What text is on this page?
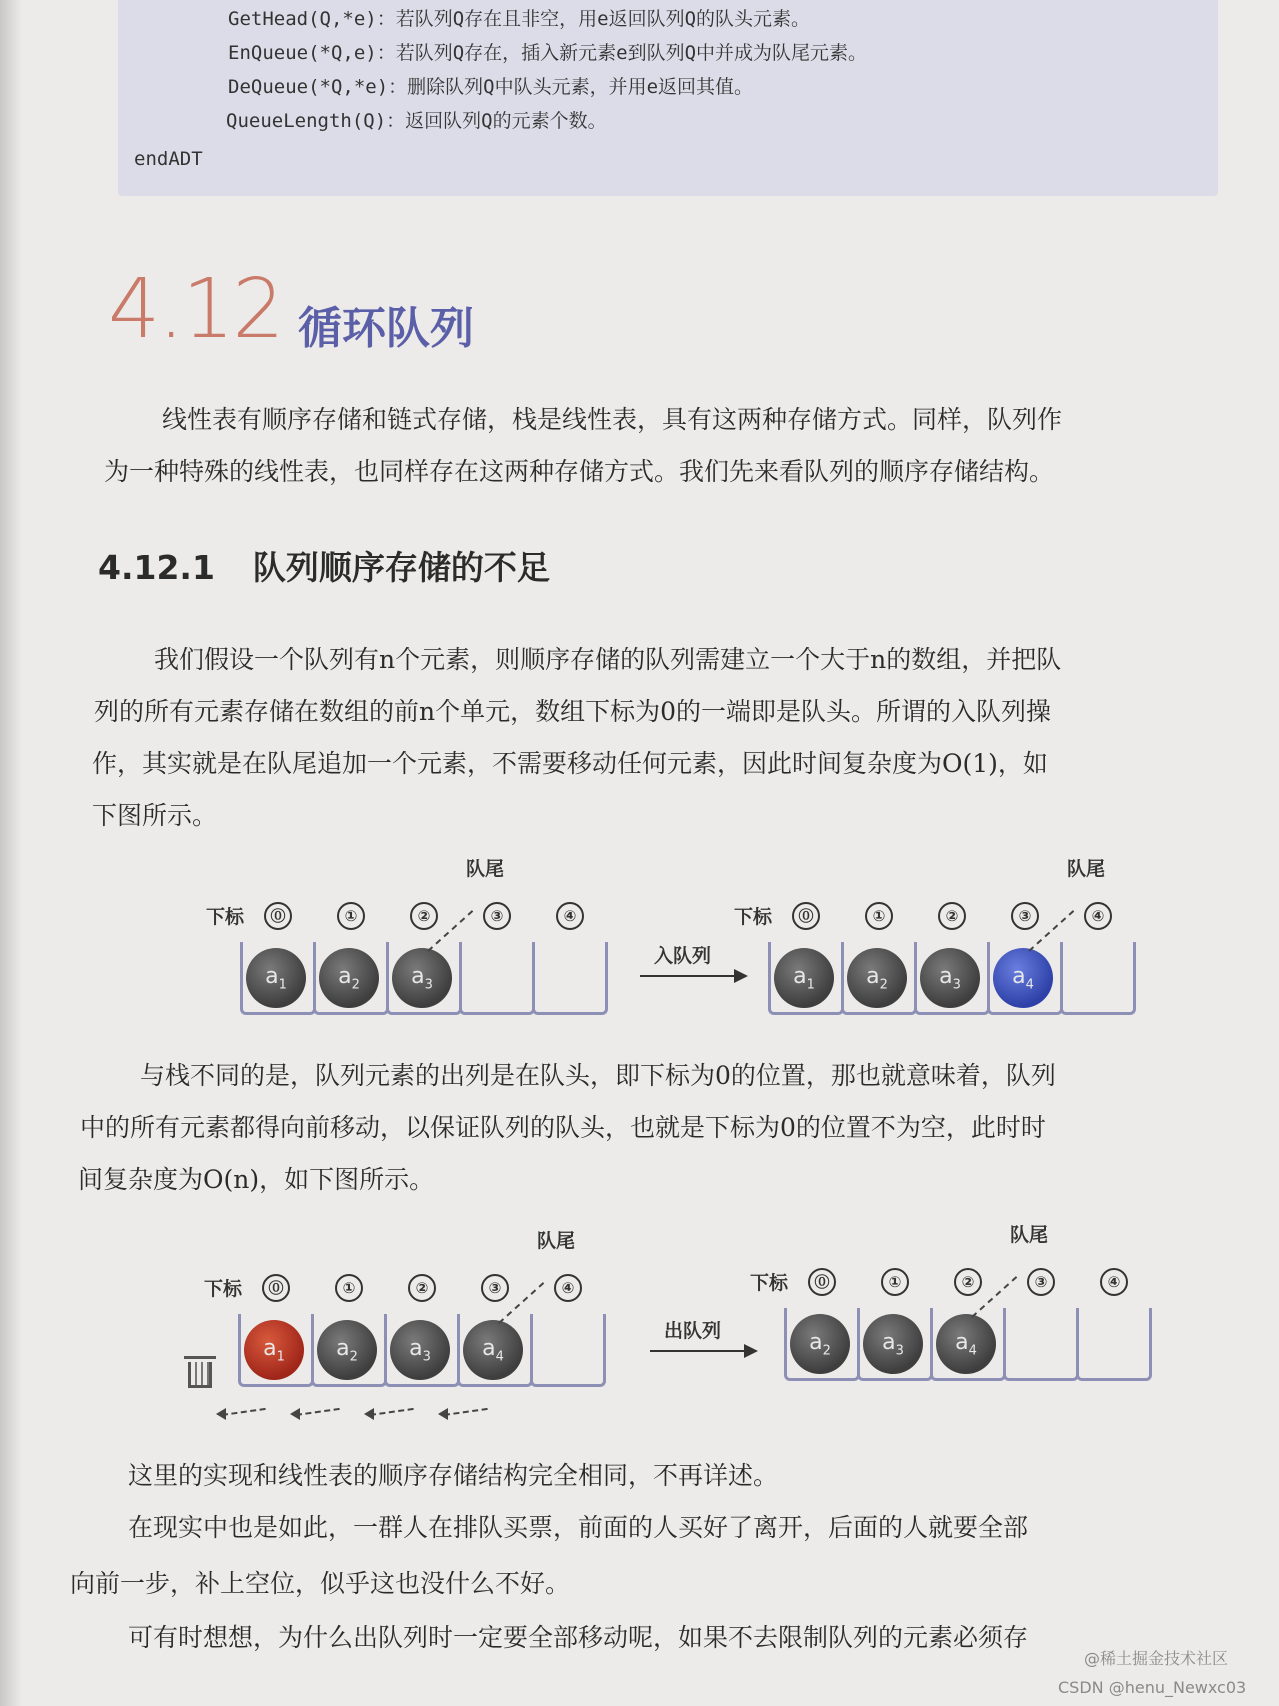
GetHead(Q,*e)：若队列Q存在且非空，用e返回队列Q的队头元素。
EnQueue(*Q,e)：若队列Q存在，插入新元素e到队列Q中并成为队尾元素。
DeQueue(*Q,*e)：删除队列Q中队头元素，并用e返回其值。
QueueLength(Q)：返回队列Q的元素个数。
endADT
4.12 循环队列
线性表有顺序存储和链式存储，栈是线性表，具有这两种存储方式。同样，队列作
为一种特殊的线性表，也同样存在这两种存储方式。我们先来看队列的顺序存储结构。
4.12.1 队列顺序存储的不足
我们假设一个队列有n个元素，则顺序存储的队列需建立一个大于n的数组，并把队
列的所有元素存储在数组的前n个单元，数组下标为0的一端即是队头。所谓的入队列操
作，其实就是在队尾追加一个元素，不需要移动任何元素，因此时间复杂度为O(1)，如
下图所示。
与栈不同的是，队列元素的出列是在队头，即下标为0的位置，那也就意味着，队列
中的所有元素都得向前移动，以保证队列的队头，也就是下标为0的位置不为空，此时时
间复杂度为O(n)，如下图所示。
这里的实现和线性表的顺序存储结构完全相同，不再详述。
在现实中也是如此，一群人在排队买票，前面的人买好了离开，后面的人就要全部
向前一步，补上空位，似乎这也没什么不好。
可有时想想，为什么出队列时一定要全部移动呢，如果不去限制队列的元素必须存
@稀土掘金技术社区
CSDN @henu_Newxc03
下标	⓪	①	②	③	④
$a_1$	$a_2$	$a_3$
队尾
入队列
下标	⓪	①	②	③	④
$a_1$	$a_2$	$a_3$	$a_4$
队尾
下标	⓪	①	②	③	④
$a_1$	$a_2$	$a_3$	$a_4$
队尾
出队列
下标	⓪	①	②	③	④
$a_2$	$a_3$	$a_4$
队尾
